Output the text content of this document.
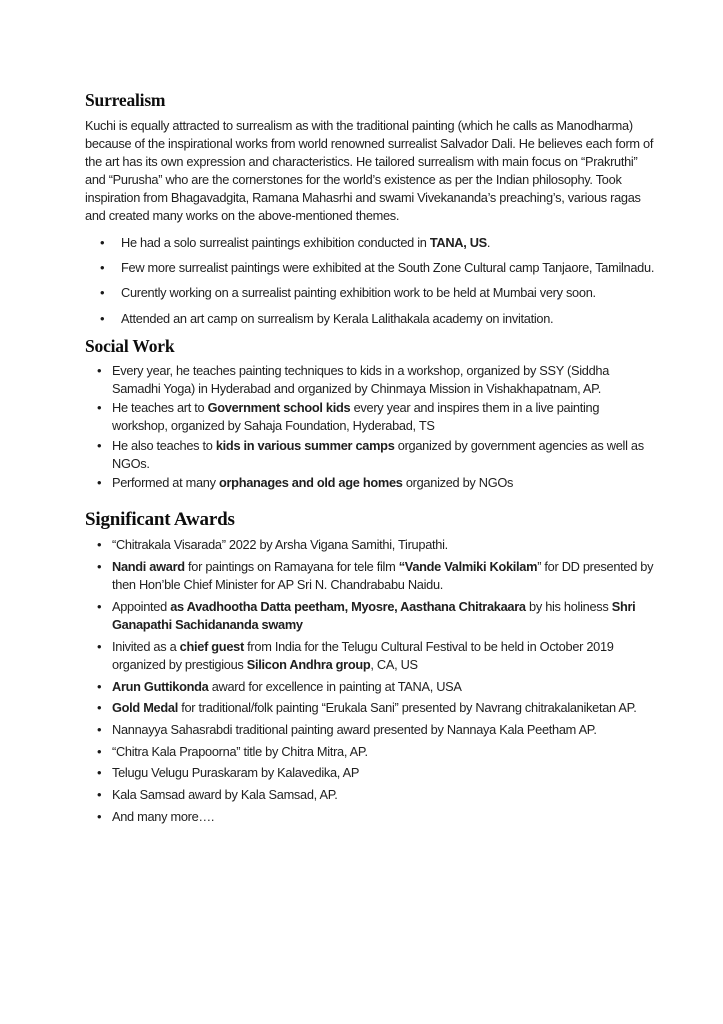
Surrealism

Kuchi is equally attracted to surrealism as with the traditional painting (which he calls as Manodharma) because of the inspirational works from world renowned surrealist Salvador Dali. He believes each form of the art has its own expression and characteristics. He tailored surrealism with main focus on “Prakruthi” and “Purusha” who are the cornerstones for the world’s existence as per the Indian philosophy. Took inspiration from Bhagavadgita, Ramana Mahasrhi and swami Vivekananda’s preaching’s, various ragas and created many works on the above-mentioned themes.

• He had a solo surrealist paintings exhibition conducted in TANA, US.
• Few more surrealist paintings were exhibited at the South Zone Cultural camp Tanjaore, Tamilnadu.
• Curently working on a surrealist painting exhibition work to be held at Mumbai very soon.
• Attended an art camp on surrealism by Kerala Lalithakala academy on invitation.
Social Work
• Every year, he teaches painting techniques to kids in a workshop, organized by SSY (Siddha Samadhi Yoga) in Hyderabad and organized by Chinmaya Mission in Vishakhapatnam, AP.
• He teaches art to Government school kids every year and inspires them in a live painting workshop, organized by Sahaja Foundation, Hyderabad, TS
• He also teaches to kids in various summer camps organized by government agencies as well as NGOs.
• Performed at many orphanages and old age homes organized by NGOs
Significant Awards
• “Chitrakala Visarada” 2022 by Arsha Vigana Samithi, Tirupathi.
• Nandi award for paintings on Ramayana for tele film “Vande Valmiki Kokilam” for DD presented by then Hon’ble Chief Minister for AP Sri N. Chandrababu Naidu.
• Appointed as Avadhootha Datta peetham, Myosre, Aasthana Chitrakaara by his holiness Shri Ganapathi Sachidananda swamy
• Inivited as a chief guest from India for the Telugu Cultural Festival to be held in October 2019 organized by prestigious Silicon Andhra group, CA, US
• Arun Guttikonda award for excellence in painting at TANA, USA
• Gold Medal for traditional/folk painting “Erukala Sani” presented by Navrang chitrakalaniketan AP.
• Nannayya Sahasrabdi traditional painting award presented by Nannaya Kala Peetham AP.
• “Chitra Kala Prapoorna” title by Chitra Mitra, AP.
• Telugu Velugu Puraskaram by Kalavedika, AP
• Kala Samsad award by Kala Samsad, AP.
• And many more….
